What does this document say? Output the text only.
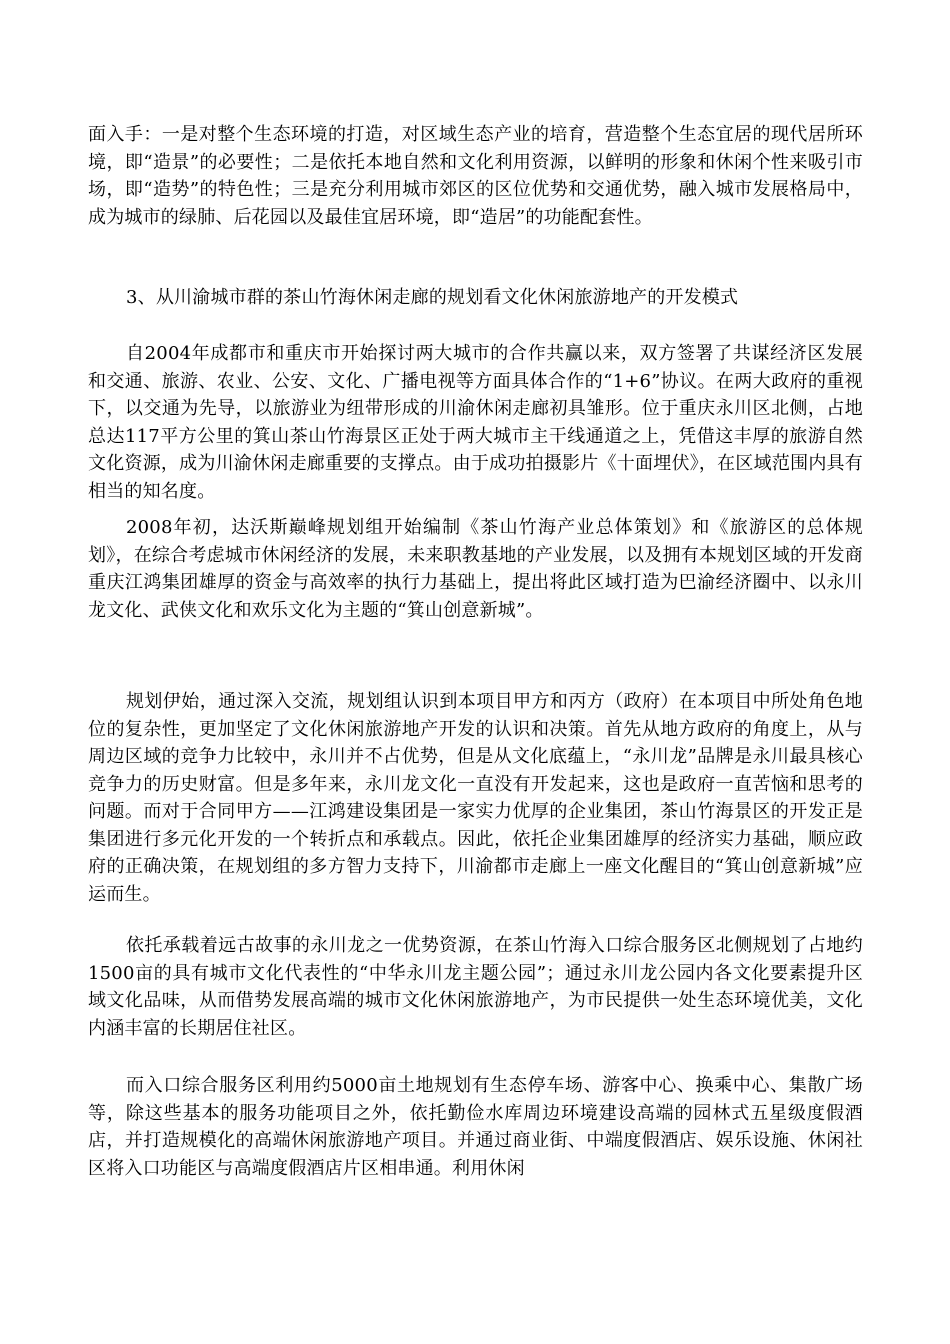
面入手：一是对整个生态环境的打造，对区域生态产业的培育，营造整个生态宜居的现代居所环境，即“造景”的必要性；二是依托本地自然和文化利用资源，以鲜明的形象和休闲个性来吸引市场，即“造势”的特色性；三是充分利用城市郊区的区位优势和交通优势，融入城市发展格局中，成为城市的绿肺、后花园以及最佳宜居环境，即“造居”的功能配套性。

3、从川渝城市群的茶山竹海休闲走廊的规划看文化休闲旅游地产的开发模式

自2004年成都市和重庆市开始探讨两大城市的合作共赢以来，双方签署了共谋经济区发展和交通、旅游、农业、公安、文化、广播电视等方面具体合作的“1+6”协议。在两大政府的重视下，以交通为先导，以旅游业为纽带形成的川渝休闲走廊初具雏形。位于重庆永川区北侧，占地总达117平方公里的箕山茶山竹海景区正处于两大城市主干线通道之上，凭借这丰厚的旅游自然文化资源，成为川渝休闲走廊重要的支撑点。由于成功拍摄影片《十面埋伏》，在区域范围内具有相当的知名度。

2008年初，达沃斯巅峰规划组开始编制《茶山竹海产业总体策划》和《旅游区的总体规划》，在综合考虑城市休闲经济的发展，未来职教基地的产业发展，以及拥有本规划区域的开发商重庆江鸿集团雄厚的资金与高效率的执行力基础上，提出将此区域打造为巴渝经济圈中、以永川龙文化、武侠文化和欢乐文化为主题的“箕山创意新城”。

规划伊始，通过深入交流，规划组认识到本项目甲方和丙方（政府）在本项目中所处角色地位的复杂性，更加坚定了文化休闲旅游地产开发的认识和决策。首先从地方政府的角度上，从与周边区域的竞争力比较中，永川并不占优势，但是从文化底蕴上，“永川龙”品牌是永川最具核心竞争力的历史财富。但是多年来，永川龙文化一直没有开发起来，这也是政府一直苦恼和思考的问题。而对于合同甲方——江鸿建设集团是一家实力优厚的企业集团，茶山竹海景区的开发正是集团进行多元化开发的一个转折点和承载点。因此，依托企业集团雄厚的经济实力基础，顺应政府的正确决策，在规划组的多方智力支持下，川渝都市走廊上一座文化醒目的“箕山创意新城”应运而生。

依托承载着远古故事的永川龙之一优势资源，在茶山竹海入口综合服务区北侧规划了占地约1500亩的具有城市文化代表性的“中华永川龙主题公园”；通过永川龙公园内各文化要素提升区域文化品味，从而借势发展高端的城市文化休闲旅游地产，为市民提供一处生态环境优美，文化内涵丰富的长期居住社区。

而入口综合服务区利用约5000亩土地规划有生态停车场、游客中心、换乘中心、集散广场等，除这些基本的服务功能项目之外，依托勤俭水库周边环境建设高端的园林式五星级度假酒店，并打造规模化的高端休闲旅游地产项目。并通过商业街、中端度假酒店、娱乐设施、休闲社区将入口功能区与高端度假酒店片区相串通。利用休闲
